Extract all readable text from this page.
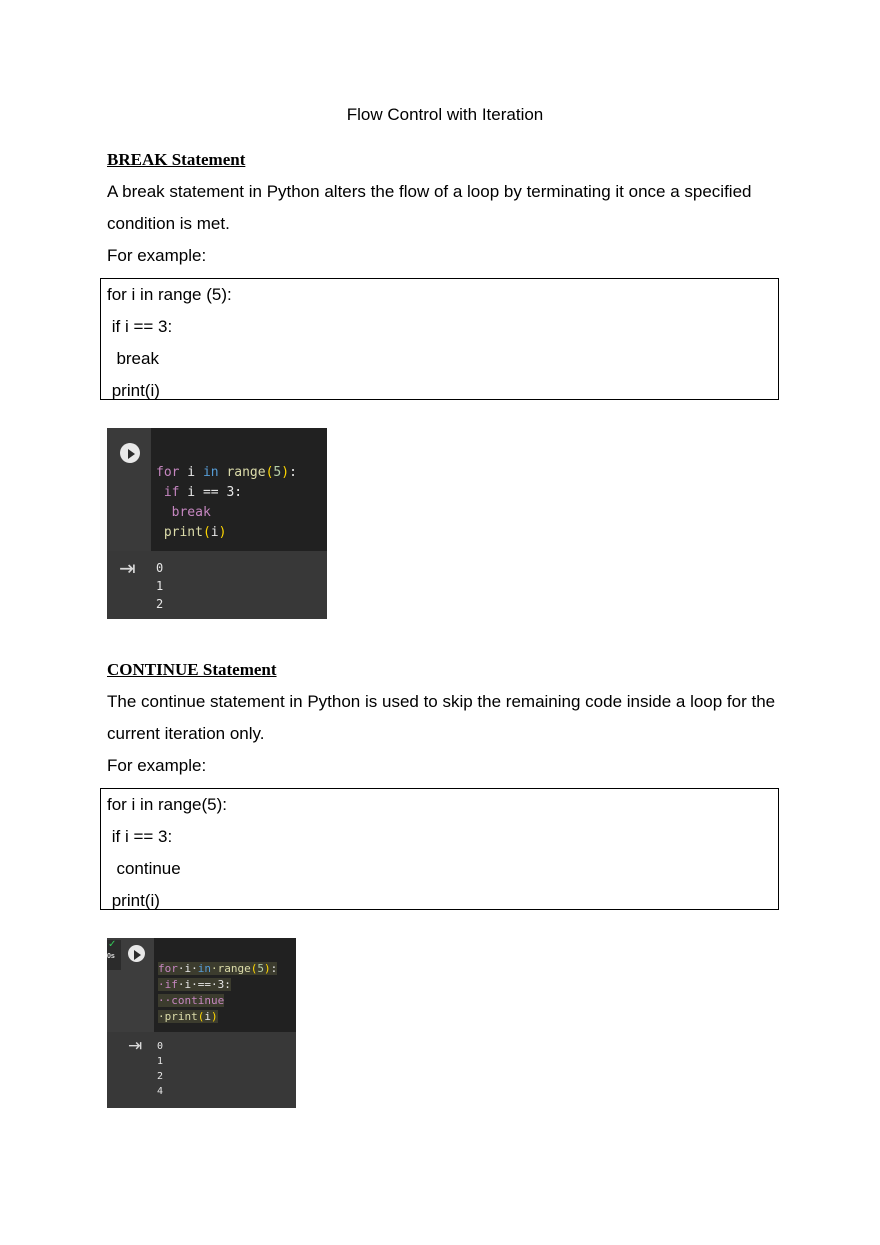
Flow Control with Iteration
BREAK Statement
A break statement in Python alters the flow of a loop by terminating it once a specified
condition is met.
For example:
for i in range (5):
if i == 3:
break
print(i)

for i in range(5):
if i == 3:
break
print(i)
⇥ 0
1
2
CONTINUE Statement
The continue statement in Python is used to skip the remaining code inside a loop for the
current iteration only.
For example:
for i in range(5):
if i == 3:
continue
print(i)
✓
0s

for·i·in·range(5):
·if·i·==·3:
··continue
·print(i)
⇥ 0
1
2
4
